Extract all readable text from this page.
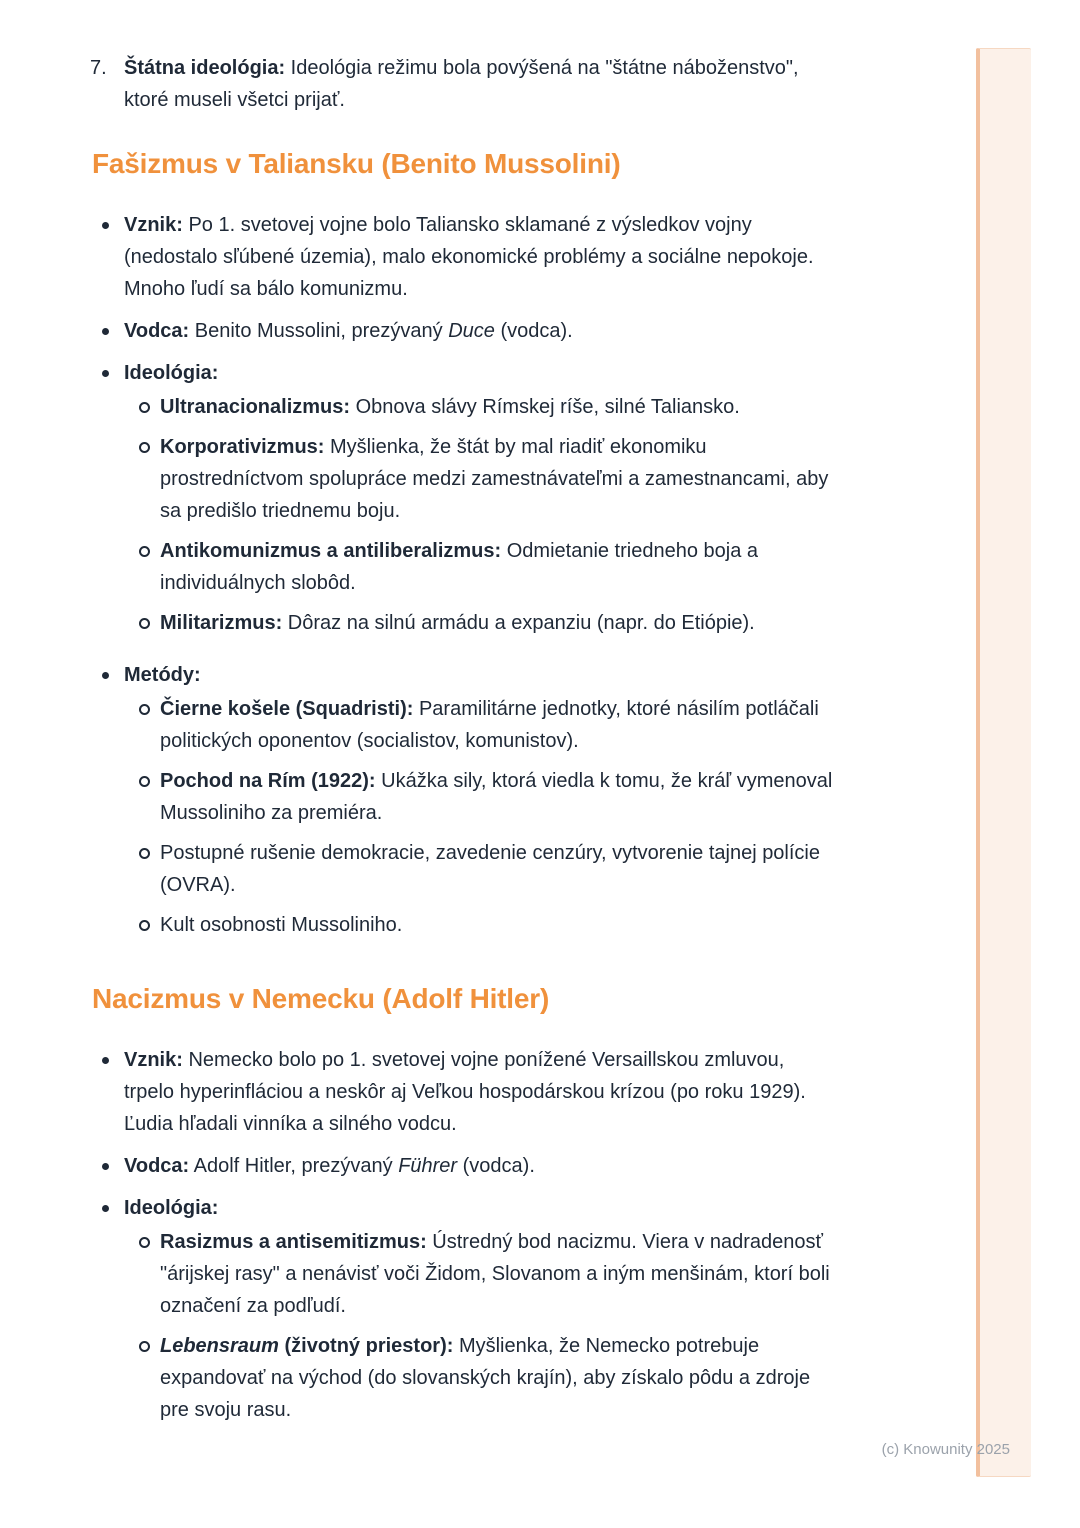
7. Štátna ideológia: Ideológia režimu bola povýšená na "štátne náboženstvo", ktoré museli všetci prijať.
Fašizmus v Taliansku (Benito Mussolini)
Vznik: Po 1. svetovej vojne bolo Taliansko sklamané z výsledkov vojny (nedostalo sľúbené územia), malo ekonomické problémy a sociálne nepokoje. Mnoho ľudí sa bálo komunizmu.
Vodca: Benito Mussolini, prezývaný Duce (vodca).
Ideológia:
Ultranacionalizmus: Obnova slávy Rímskej ríše, silné Taliansko.
Korporativizmus: Myšlienka, že štát by mal riadiť ekonomiku prostredníctvom spolupráce medzi zamestnávateľmi a zamestnancami, aby sa predišlo triednemu boju.
Antikomunizmus a antiliberalizmus: Odmietanie triedneho boja a individuálnych slobôd.
Militarizmus: Dôraz na silnú armádu a expanziu (napr. do Etiópie).
Metódy:
Čierne košele (Squadristi): Paramilitárne jednotky, ktoré násilím potláčali politických oponentov (socialistov, komunistov).
Pochod na Rím (1922): Ukážka sily, ktorá viedla k tomu, že kráľ vymenoval Mussoliniho za premiéra.
Postupné rušenie demokracie, zavedenie cenzúry, vytvorenie tajnej polície (OVRA).
Kult osobnosti Mussoliniho.
Nacizmus v Nemecku (Adolf Hitler)
Vznik: Nemecko bolo po 1. svetovej vojne ponížené Versaillskou zmluvou, trpelo hyperinfláciou a neskôr aj Veľkou hospodárskou krízou (po roku 1929). Ľudia hľadali vinníka a silného vodcu.
Vodca: Adolf Hitler, prezývaný Führer (vodca).
Ideológia:
Rasizmus a antisemitizmus: Ústredný bod nacizmu. Viera v nadradenosť "árijskej rasy" a nenávisť voči Židom, Slovanom a iným menšinám, ktorí boli označení za podľudí.
Lebensraum (životný priestor): Myšlienka, že Nemecko potrebuje expandovať na východ (do slovanských krajín), aby získalo pôdu a zdroje pre svoju rasu.
(c) Knowunity 2025
